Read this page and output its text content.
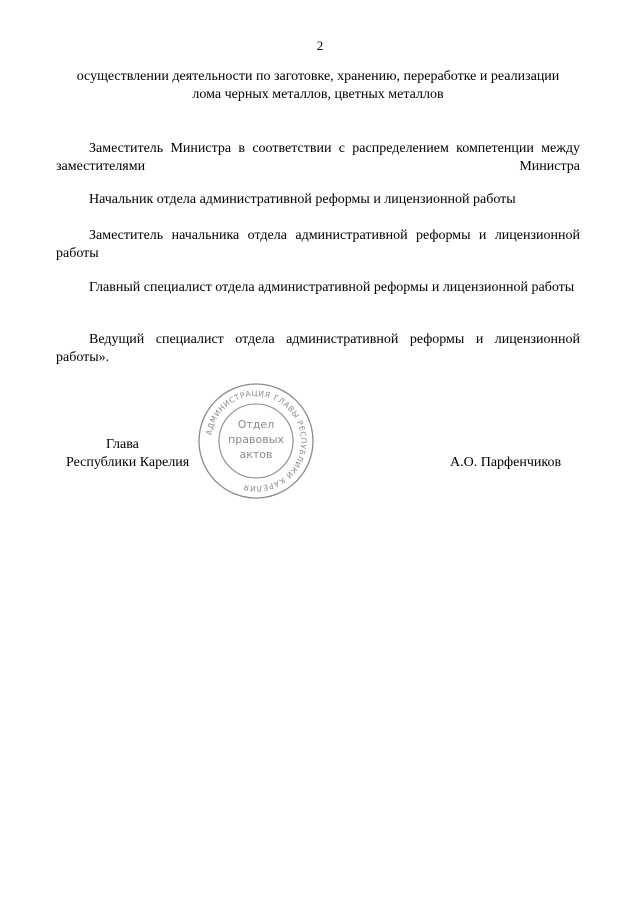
2
осуществлении деятельности по заготовке, хранению, переработке и реализации
лома черных металлов, цветных металлов
Заместитель Министра в соответствии с распределением компетенции между заместителями Министра
Начальник отдела административной реформы и лицензионной работы
Заместитель начальника отдела административной реформы и лицензионной работы
Главный специалист отдела административной реформы и лицензионной работы
Ведущий специалист отдела административной реформы и лицензионной работы».
Глава
Республики Карелия	А.О. Парфенчиков
АДМИНИСТРАЦИЯ ГЛАВЫ РЕСПУБЛИКИ КАРЕЛИЯ
Отдел
правовых
актов
